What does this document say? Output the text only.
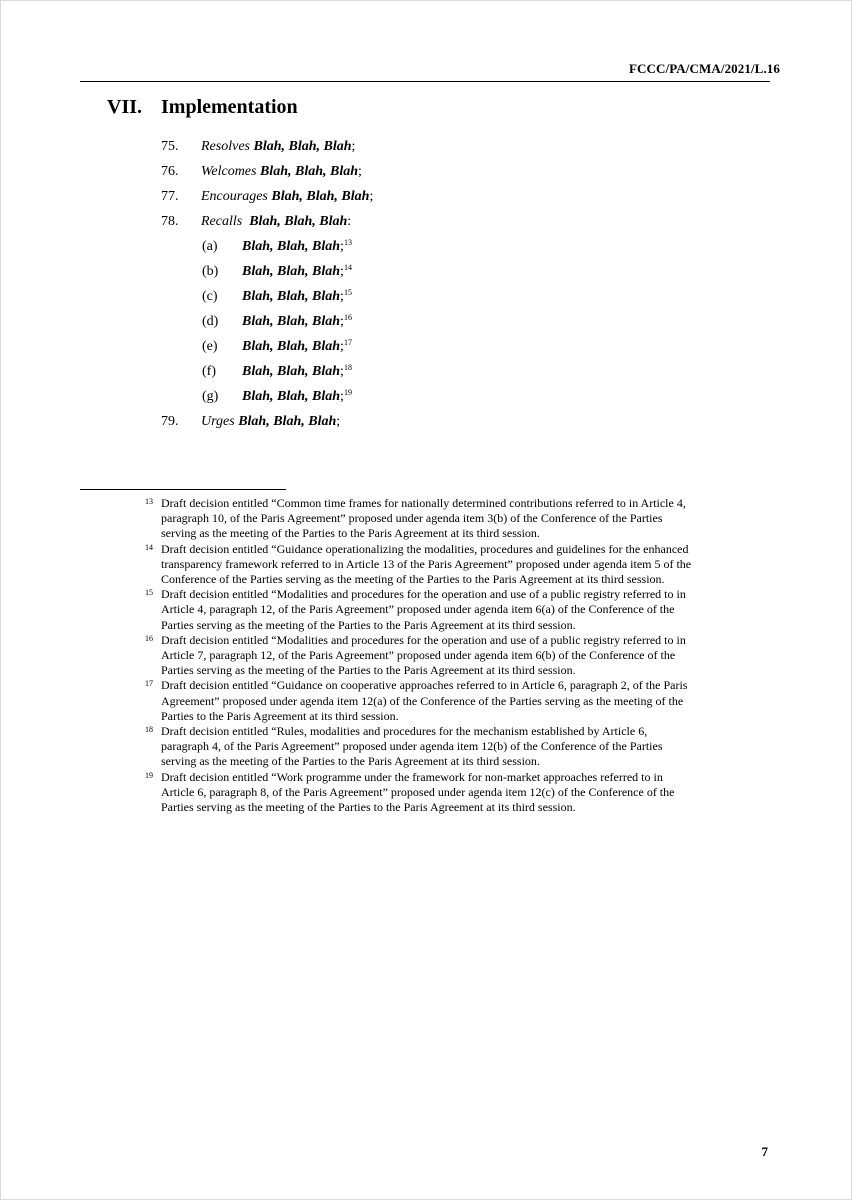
FCCC/PA/CMA/2021/L.16
VII. Implementation
75. Resolves Blah, Blah, Blah;
76. Welcomes Blah, Blah, Blah;
77. Encourages Blah, Blah, Blah;
78. Recalls Blah, Blah, Blah:
(a) Blah, Blah, Blah;$^{13}$
(b) Blah, Blah, Blah;$^{14}$
(c) Blah, Blah, Blah;$^{15}$
(d) Blah, Blah, Blah;$^{16}$
(e) Blah, Blah, Blah;$^{17}$
(f) Blah, Blah, Blah;$^{18}$
(g) Blah, Blah, Blah;$^{19}$
79. Urges Blah, Blah, Blah;
13 Draft decision entitled “Common time frames for nationally determined contributions referred to in Article 4, paragraph 10, of the Paris Agreement” proposed under agenda item 3(b) of the Conference of the Parties serving as the meeting of the Parties to the Paris Agreement at its third session.
14 Draft decision entitled “Guidance operationalizing the modalities, procedures and guidelines for the enhanced transparency framework referred to in Article 13 of the Paris Agreement” proposed under agenda item 5 of the Conference of the Parties serving as the meeting of the Parties to the Paris Agreement at its third session.
15 Draft decision entitled “Modalities and procedures for the operation and use of a public registry referred to in Article 4, paragraph 12, of the Paris Agreement” proposed under agenda item 6(a) of the Conference of the Parties serving as the meeting of the Parties to the Paris Agreement at its third session.
16 Draft decision entitled “Modalities and procedures for the operation and use of a public registry referred to in Article 7, paragraph 12, of the Paris Agreement” proposed under agenda item 6(b) of the Conference of the Parties serving as the meeting of the Parties to the Paris Agreement at its third session.
17 Draft decision entitled “Guidance on cooperative approaches referred to in Article 6, paragraph 2, of the Paris Agreement” proposed under agenda item 12(a) of the Conference of the Parties serving as the meeting of the Parties to the Paris Agreement at its third session.
18 Draft decision entitled “Rules, modalities and procedures for the mechanism established by Article 6, paragraph 4, of the Paris Agreement” proposed under agenda item 12(b) of the Conference of the Parties serving as the meeting of the Parties to the Paris Agreement at its third session.
19 Draft decision entitled “Work programme under the framework for non-market approaches referred to in Article 6, paragraph 8, of the Paris Agreement” proposed under agenda item 12(c) of the Conference of the Parties serving as the meeting of the Parties to the Paris Agreement at its third session.
7
